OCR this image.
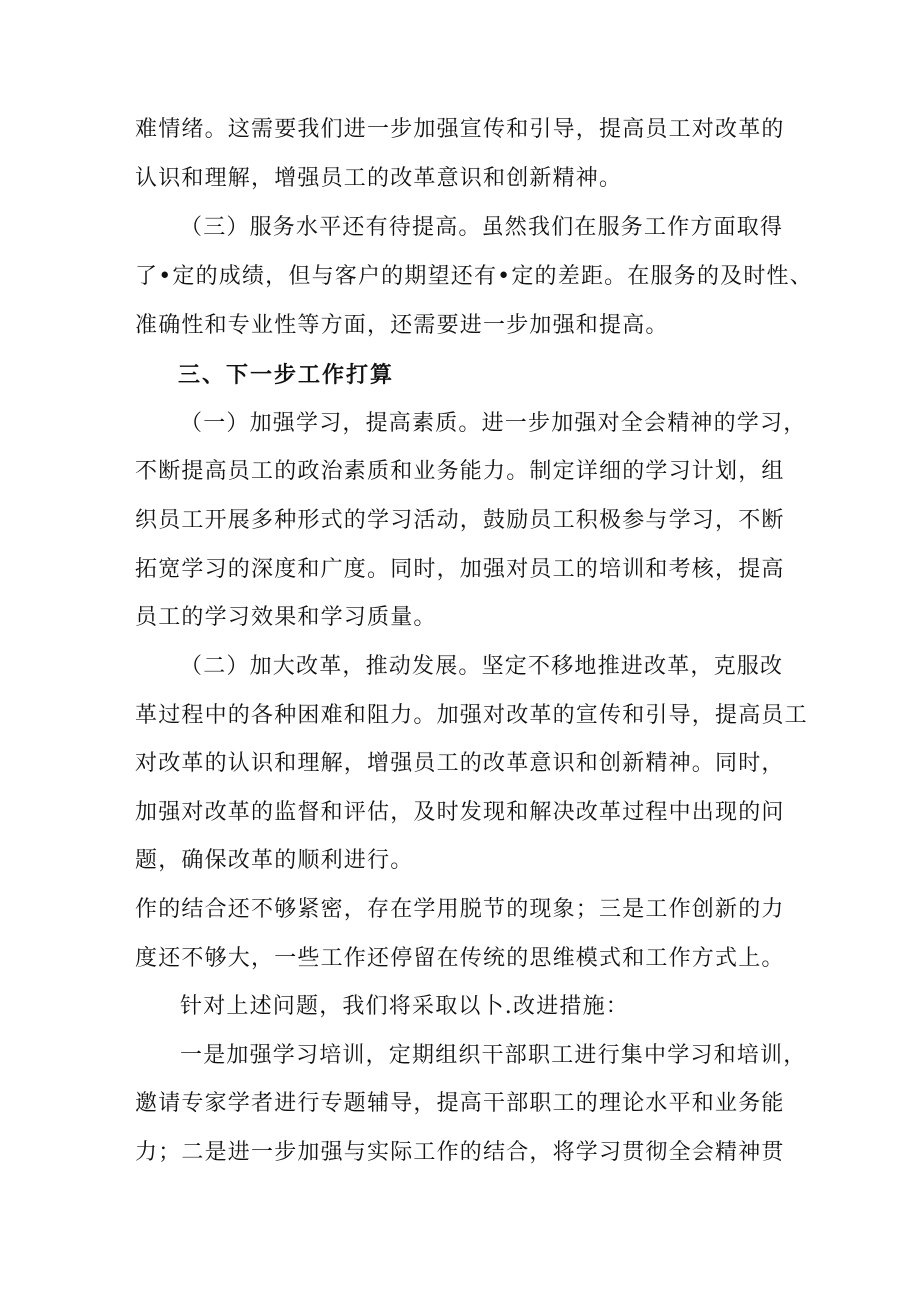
难情绪。这需要我们进一步加强宣传和引导，提高员工对改革的
认识和理解，增强员工的改革意识和创新精神。
（三）服务水平还有待提高。虽然我们在服务工作方面取得
了•定的成绩，但与客户的期望还有•定的差距。在服务的及时性、
准确性和专业性等方面，还需要进一步加强和提高。
三、下一步工作打算
（一）加强学习，提高素质。进一步加强对全会精神的学习，
不断提高员工的政治素质和业务能力。制定详细的学习计划，组
织员工开展多种形式的学习活动，鼓励员工积极参与学习，不断
拓宽学习的深度和广度。同时，加强对员工的培训和考核，提高
员工的学习效果和学习质量。
（二）加大改革，推动发展。坚定不移地推进改革，克服改
革过程中的各种困难和阻力。加强对改革的宣传和引导，提高员工
对改革的认识和理解，增强员工的改革意识和创新精神。同时，
加强对改革的监督和评估，及时发现和解决改革过程中出现的问
题，确保改革的顺利进行。
作的结合还不够紧密，存在学用脱节的现象；三是工作创新的力
度还不够大，一些工作还停留在传统的思维模式和工作方式上。
针对上述问题，我们将采取以卜.改进措施：
一是加强学习培训，定期组织干部职工进行集中学习和培训，
邀请专家学者进行专题辅导，提高干部职工的理论水平和业务能
力；二是进一步加强与实际工作的结合，将学习贯彻全会精神贯
